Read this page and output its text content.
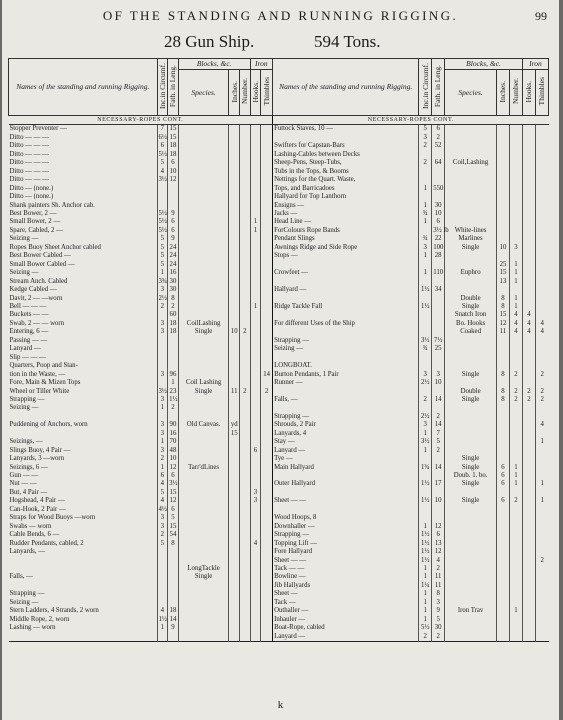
OF THE STANDING AND RUNNING RIGGING.	99
28 Gun Ship.	594 Tons.
Names of the standing and running Rigging.	Inc.in Circumf.	Fath. in Leng.	Blocks, &c.			Iron		Names of the standing and running Rigging.	Inc.in Circumf.	Fath. in Leng.	Blocks, &c.			Iron	
			Species.	Inches.	Number.	Hooks.	Thimbles				Species.	Inches.	Number.	Hooks.	Thimbles
NECESSARY-ROPES CONT.								NECESSARY-ROPES CONT.							
Stopper Preventer —	7	15						Futtock Staves, 10 —	5	6					
Ditto — — —	6½	15							3	2					
Ditto — — —	6	18						Swifters for Capstan-Bars	2	52					
Ditto — — —	5½	18						Lashing-Cables between Decks							
Ditto — — —	5	6						Sheep-Pens, Steep-Tubs,	2	64	Coil,Lashing				
Ditto — — —	4	10						Tubs in the Tops, & Booms							
Ditto — — —	3½	12						Nettings for the Quart. Waste,							
Ditto — (none.)								Tops, and Barricadoes	1	550					
Ditto — (none.)								Hallyard for Top Lanthorn							
Shank painters Sh. Anchor cab.								Ensigns —	1	30					
Best Bower, 2 —	5½	9						Jacks —	¾	10					
Small Bower, 2 —	5½	6				1		Head Line —	1	6					
Spare, Cabled, 2 —	5½	6				1		ForColours Rope Bands		3½ lb	White-lines				
Seizing —	5	9						Pendant Slings	¾	22	Marlines				
Ropes Buoy Sheet Anchor cabled	5	24						Awnings Ridge and Side Rope	3	100	Single	10	3		
Best Bower Cabled —	5	24						Stops —	1	28					
Small Bower Cabled —	5	24										25	1		
Seizing —	1	16						Crowfeet —	1	110	Euphro	15	1		
Stream Anch. Cabled	3¾	30										13	1		
Kedge Cabled —	3	30						Hallyard —	1½	34					
Davit, 2 — —worn	2½	8									Double	8	1		
Bell — — —	2	2				1		Ridge Tackle Fall	1½		Single	8	1		
Buckets — —		60									Snatch Iron	15	4	4	
Swab, 2 — — worn	3	18	CoilLashing					For different Uses of the Ship			Bo. Hooks	12	4	4	4
Entering, 6 —	3	18	Single	10	2						Coaked	11	4	4	4
Passing — —								Strapping —	3½	7½					
Lanyard —								Seizing —	¾	25					
Slip — — —															
Quarters, Poop and Stan-								LONGBOAT.							
tion in the Waste, —	3	96					14	Burton Pendants, 1 Pair	3	3	Single	8	2		2
Fore, Main & Mizen Tops		1	Coil Lashing					Runner —	2½	10					
Wheel or Tiller White	3½	23	Single	11	2		2				Double	8	2	2	2
Strapping —	3	1½						Falls, —	2	14	Single	8	2	2	2
Seizing —	1	2													
								Strapping —	2½	2					
Puddening of Anchors, worn	3	90	Old Canvas.	yd				Shrouds, 2 Pair	3	14					4
	3	16		15				Lanyards, 4	1	7					
Seizings, —	1	70						Stay —	3½	5					1
Slings Buoy, 4 Pair —	3	48				6		Lanyard —	1	2					
Lanyards, 3 —worn	2	10						Tye —			Single				
Seizings, 6 —	1	12	Tarr'dLines					Main Hallyard	1¾	14	Single	6	1		
Gun — —	6	6									Doub. 1. bo.	6	1		
Nut — —	4	3½						Outer Hallyard	1½	17	Single	6	1		1
But, 4 Pair —	5	15				3									
Hogshead, 4 Pair —	4	12				3		Sheet — —	1½	10	Single	6	2		1
Can-Hook, 2 Pair —	4½	6													
Straps for Wood Buoys —worn	3	5						Wood Hoops, 8							
Swabs — worn	3	15						Downhaller —	1	12					
Cable Bends, 6 —	2	54						Strapping —	1½	6					
Rudder Pendants, cabled, 2	5	8				4		Topping Lift —	1½	13					
Lanyards, —								Fore Hallyard	1½	12					
								Sheet — —	1½	4					2
			LongTackle					Tack — —	1	2					
Falls, —			Single					Bowline —	1	11					
								Jib Hallyards	1¼	11					
Strapping —								Sheet —	1	8					
Seizing —								Tack —	1	3					
Stern Ladders, 4 Strands, 2 worn	4	18						Outhaller —	1	9	Iron Trav		1		
Middle Rope, 2, worn	1½	14						Inhauler —	1	5					
Lashing — worn	1	9						Boat-Rope, cabled	5½	30					
								Lanyard —	2	2					
k
